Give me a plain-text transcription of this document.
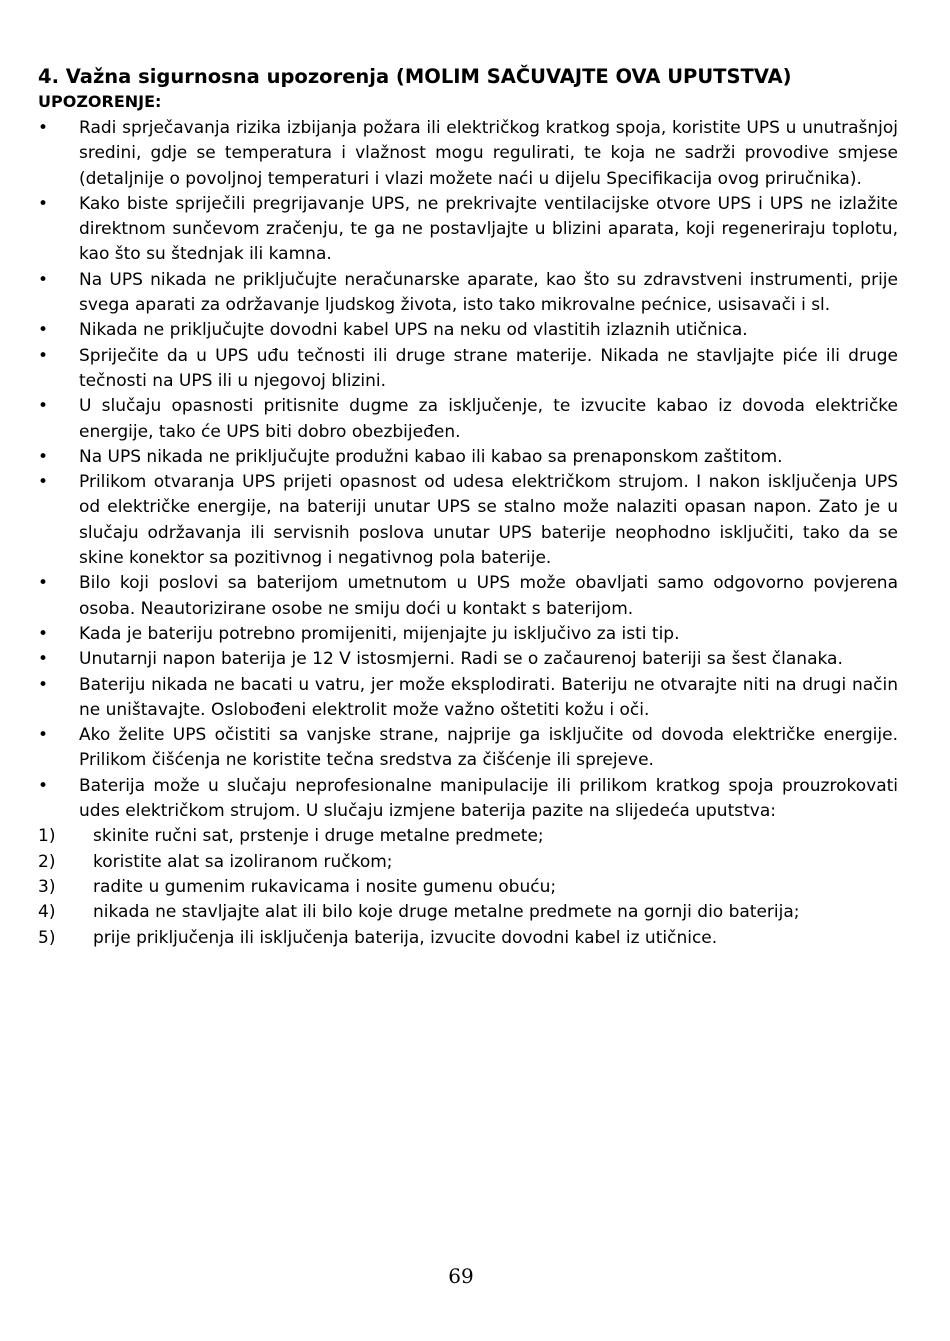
4. Važna sigurnosna upozorenja (MOLIM SAČUVAJTE OVA UPUTSTVA)
UPOZORENJE:
• Radi sprječavanja rizika izbijanja požara ili električkog kratkog spoja, koristite UPS u unutrašnjoj sredini, gdje se temperatura i vlažnost mogu regulirati, te koja ne sadrži provodive smjese (detaljnije o povoljnoj temperaturi i vlazi možete naći u dijelu Specifikacija ovog priručnika).
• Kako biste spriječili pregrijavanje UPS, ne prekrivajte ventilacijske otvore UPS i UPS ne izlažite direktnom sunčevom zračenju, te ga ne postavljajte u blizini aparata, koji regeneriraju toplotu, kao što su štednjak ili kamna.
• Na UPS nikada ne priključujte neračunarske aparate, kao što su zdravstveni instrumenti, prije svega aparati za održavanje ljudskog života, isto tako mikrovalne pećnice, usisavači i sl.
• Nikada ne priključujte dovodni kabel UPS na neku od vlastitih izlaznih utičnica.
• Spriječite da u UPS uđu tečnosti ili druge strane materije. Nikada ne stavljajte piće ili druge tečnosti na UPS ili u njegovoj blizini.
• U slučaju opasnosti pritisnite dugme za isključenje, te izvucite kabao iz dovoda električke energije, tako će UPS biti dobro obezbijeđen.
• Na UPS nikada ne priključujte produžni kabao ili kabao sa prenaponskom zaštitom.
• Prilikom otvaranja UPS prijeti opasnost od udesa električkom strujom. I nakon isključenja UPS od električke energije, na bateriji unutar UPS se stalno može nalaziti opasan napon. Zato je u slučaju održavanja ili servisnih poslova unutar UPS baterije neophodno isključiti, tako da se skine konektor sa pozitivnog i negativnog pola baterije.
• Bilo koji poslovi sa baterijom umetnutom u UPS može obavljati samo odgovorno povjerena osoba. Neautorizirane osobe ne smiju doći u kontakt s baterijom.
• Kada je bateriju potrebno promijeniti, mijenjajte ju isključivo za isti tip.
• Unutarnji napon baterija je 12 V istosmjerni. Radi se o začaurenoj bateriji sa šest članaka.
• Bateriju nikada ne bacati u vatru, jer može eksplodirati. Bateriju ne otvarajte niti na drugi način ne uništavajte. Oslobođeni elektrolit može važno oštetiti kožu i oči.
• Ako želite UPS očistiti sa vanjske strane, najprije ga isključite od dovoda električke energije. Prilikom čišćenja ne koristite tečna sredstva za čišćenje ili sprejeve.
• Baterija može u slučaju neprofesionalne manipulacije ili prilikom kratkog spoja prouzrokovati udes električkom strujom. U slučaju izmjene baterija pazite na slijedeća uputstva:
1) skinite ručni sat, prstenje i druge metalne predmete;
2) koristite alat sa izoliranom ručkom;
3) radite u gumenim rukavicama i nosite gumenu obuću;
4) nikada ne stavljajte alat ili bilo koje druge metalne predmete na gornji dio baterija;
5) prije priključenja ili isključenja baterija, izvucite dovodni kabel iz utičnice.
69
